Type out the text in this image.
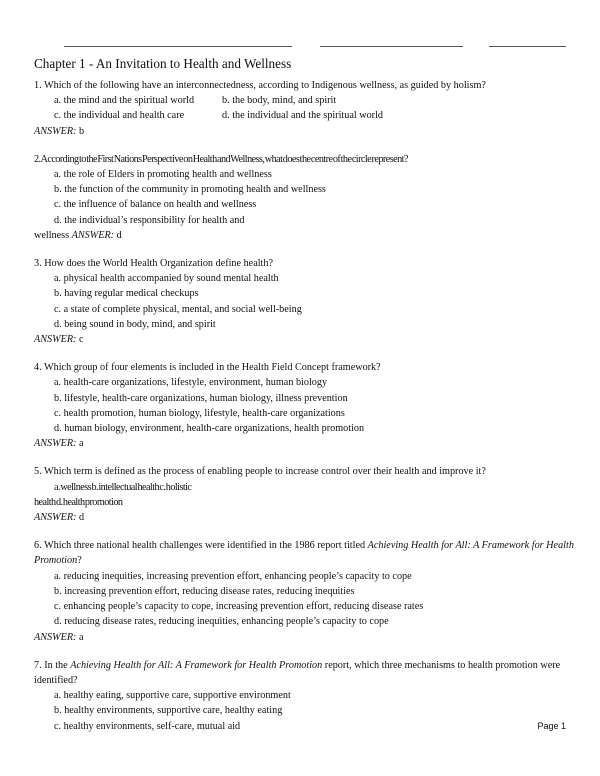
Chapter 1 - An Invitation to Health and Wellness
1. Which of the following have an interconnectedness, according to Indigenous wellness, as guided by holism?
a. the mind and the spiritual world	b. the body, mind, and spirit
c. the individual and health care	d. the individual and the spiritual world
ANSWER: b
2.According to the First Nations Perspective on Health and Wellness, what does the centre of the circle represent?
a. the role of Elders in promoting health and wellness
b. the function of the community in promoting health and wellness
c. the influence of balance on health and wellness
d. the individual’s responsibility for health and
wellness ANSWER: d
3. How does the World Health Organization define health?
a. physical health accompanied by sound mental health
b. having regular medical checkups
c. a state of complete physical, mental, and social well-being
d. being sound in body, mind, and spirit
ANSWER: c
4. Which group of four elements is included in the Health Field Concept framework?
a. health-care organizations, lifestyle, environment, human biology
b. lifestyle, health-care organizations, human biology, illness prevention
c. health promotion, human biology, lifestyle, health-care organizations
d. human biology, environment, health-care organizations, health promotion
ANSWER: a
5. Which term is defined as the process of enabling people to increase control over their health and improve it?
a. wellness b. intellectual health c. holistic
health d. health promotion
ANSWER: d
6. Which three national health challenges were identified in the 1986 report titled Achieving Health for All: A Framework for Health Promotion?
a. reducing inequities, increasing prevention effort, enhancing people’s capacity to cope
b. increasing prevention effort, reducing disease rates, reducing inequities
c. enhancing people’s capacity to cope, increasing prevention effort, reducing disease rates
d. reducing disease rates, reducing inequities, enhancing people’s capacity to cope
ANSWER: a
7. In the Achieving Health for All: A Framework for Health Promotion report, which three mechanisms to health promotion were identified?
a. healthy eating, supportive care, supportive environment
b. healthy environments, supportive care, healthy eating
c. healthy environments, self-care, mutual aid	Page 1
